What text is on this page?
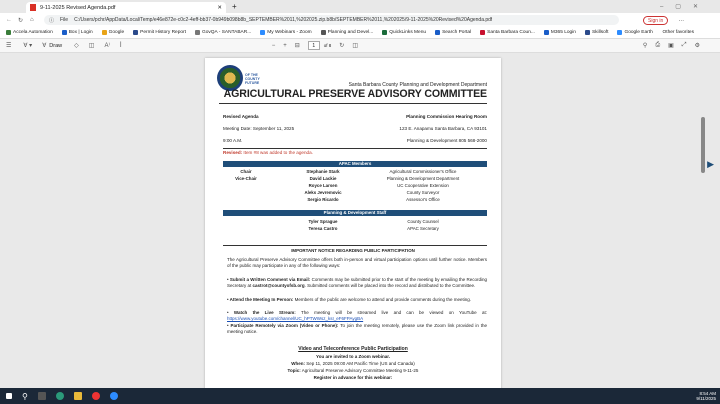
9-11-2025 Revised Agenda.pdf	✕ +	–▢✕
← ↻ ⌂	ⓘ File C:/Users/pchr/AppData/Local/Temp/e46e872e-c0c2-4eff-bb37-0b949b098b8b_SEPTEMBER%2011,%202025.zip.b8b/SEPTEMBER%2011,%202025/9-11-2025%20Revised%20Agenda.pdf	Sign in	…
Accela Automation	Box | Login	Google	Permit History Report	GovQA - SANTABAR...	My Webinars - Zoom	Planning and Devel...	QuickLinks Menu	Search Portal	Santa Barbara Coun...	M365 Login	Skillsoft	Google Earth Other favorites
☰ ∀ ▾ ∀ Draw ◇ ◫ A⁾ ꟾ	− + ⊟	1	of 8 ↻ ◫	⚲ ⎙ ▣ ⤢ ⚙
OF THE
COUNTY
FUTURE	Santa Barbara County Planning and Development Department
AGRICULTURAL PRESERVE ADVISORY COMMITTEE
Revised Agenda
Meeting Date: September 11, 2025
9:00 A.M.
Planning Commission Hearing Room
123 E. Anapamu Santa Barbara, CA 93101
Planning & Development 805 568-2000
Revised: Item #8 was added to the agenda.
APAC Members
Chair	Stephanie Stark	Agricultural Commissioner's Office
Vice-Chair	David Lackie	Planning & Development Department
Royce Larsen	UC Cooperative Extension
Aleks Jevremovic	County Surveyor
Sergio Ricardo	Assessor's Office
Planning & Development Staff
Tyler Sprague	County Counsel
Teresa Castro	APAC Secretary
IMPORTANT NOTICE REGARDING PUBLIC PARTICIPATION
The Agricultural Preserve Advisory Committee offers both in-person and virtual participation options until further notice. Members of the public may participate in any of the following ways:
• Submit a Written Comment via Email: Comments may be submitted prior to the start of the meeting by emailing the Recording Secretary at castrot@countyofsb.org. Submitted comments will be placed into the record and distributed to the Committee.
• Attend the Meeting In Person: Members of the public are welcome to attend and provide comments during the meeting.
• Watch the Live Stream: The meeting will be streamed live and can be viewed on YouTube at: https://www.youtube.com/channel/UC_hPTWWsz_ksI_eF6FPAygBA
• Participate Remotely via Zoom (Video or Phone): To join the meeting remotely, please use the Zoom link provided in the meeting notice.
Video and Teleconference Public Participation
You are invited to a Zoom webinar.
When: Sep 11, 2025 09:00 AM Pacific Time (US and Canada)
Topic: Agricultural Preserve Advisory Committee Meeting 9-11-25
Register in advance for this webinar:
▶
⚲	8:54 AM
9/11/2025
